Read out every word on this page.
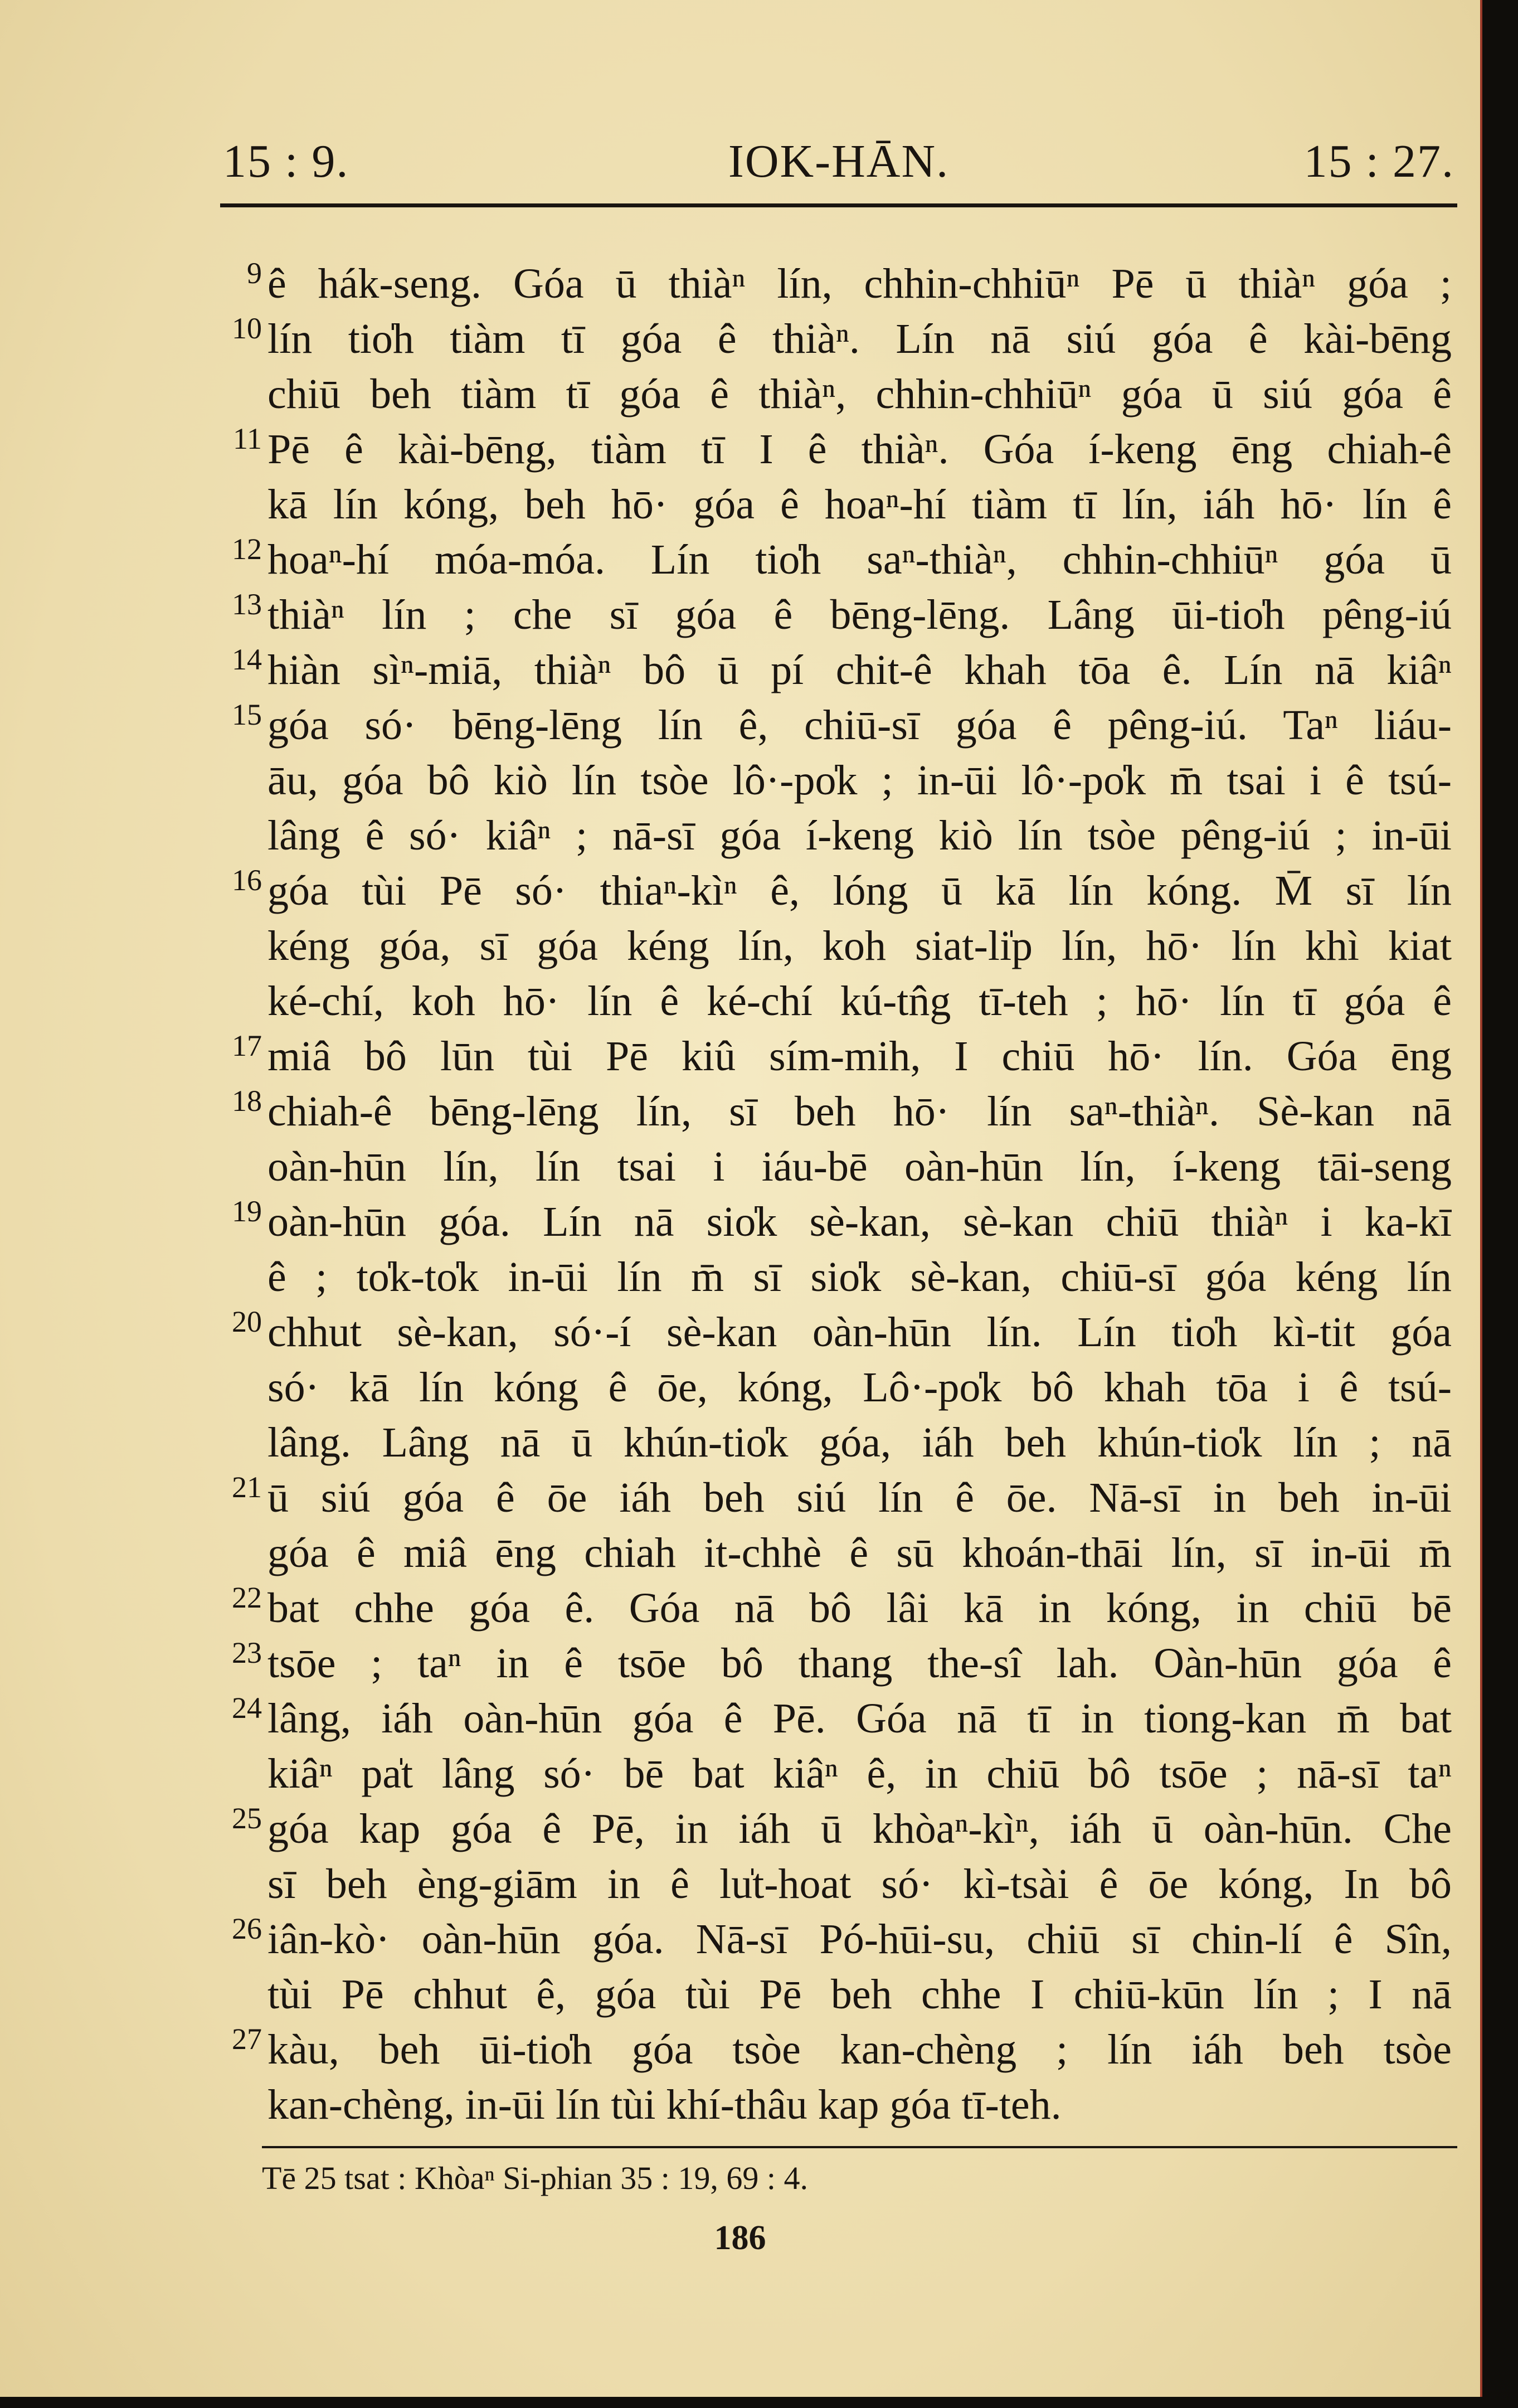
15 : 9.	IOK-HĀN.	15 : 27.
9 ê hák-seng. Góa ū thiàⁿ lín, chhin-chhiūⁿ Pē ū thiàⁿ góa ;
10 lín tio̍h tiàm tī góa ê thiàⁿ. Lín nā siú góa ê kài-bēng
chiū beh tiàm tī góa ê thiàⁿ, chhin-chhiūⁿ góa ū siú góa ê
11 Pē ê kài-bēng, tiàm tī I ê thiàⁿ. Góa í-keng ēng chiah-ê
kā lín kóng, beh hō· góa ê hoaⁿ-hí tiàm tī lín, iáh hō· lín ê
12 hoaⁿ-hí móa-móa. Lín tio̍h saⁿ-thiàⁿ, chhin-chhiūⁿ góa ū
13 thiàⁿ lín ; che sī góa ê bēng-lēng. Lâng ūi-tio̍h pêng-iú
14 hiàn sìⁿ-miā, thiàⁿ bô ū pí chit-ê khah tōa ê. Lín nā kiâⁿ
15 góa só· bēng-lēng lín ê, chiū-sī góa ê pêng-iú. Taⁿ liáu-
āu, góa bô kiò lín tsòe lô·-po̍k ; in-ūi lô·-po̍k m̄ tsai i ê tsú-
lâng ê só· kiâⁿ ; nā-sī góa í-keng kiò lín tsòe pêng-iú ; in-ūi
16 góa tùi Pē só· thiaⁿ-kìⁿ ê, lóng ū kā lín kóng. M̄ sī lín
kéng góa, sī góa kéng lín, koh siat-li̍p lín, hō· lín khì kiat
ké-chí, koh hō· lín ê ké-chí kú-tn̂g tī-teh ; hō· lín tī góa ê
17 miâ bô lūn tùi Pē kiû sím-mih, I chiū hō· lín. Góa ēng
18 chiah-ê bēng-lēng lín, sī beh hō· lín saⁿ-thiàⁿ. Sè-kan nā
oàn-hūn lín, lín tsai i iáu-bē oàn-hūn lín, í-keng tāi-seng
19 oàn-hūn góa. Lín nā sio̍k sè-kan, sè-kan chiū thiàⁿ i ka-kī
ê ; to̍k-to̍k in-ūi lín m̄ sī sio̍k sè-kan, chiū-sī góa kéng lín
20 chhut sè-kan, só·-í sè-kan oàn-hūn lín. Lín tio̍h kì-tit góa
só· kā lín kóng ê ōe, kóng, Lô·-po̍k bô khah tōa i ê tsú-
lâng. Lâng nā ū khún-tio̍k góa, iáh beh khún-tio̍k lín ; nā
21 ū siú góa ê ōe iáh beh siú lín ê ōe. Nā-sī in beh in-ūi
góa ê miâ ēng chiah it-chhè ê sū khoán-thāi lín, sī in-ūi m̄
22 bat chhe góa ê. Góa nā bô lâi kā in kóng, in chiū bē
23 tsōe ; taⁿ in ê tsōe bô thang the-sî lah. Oàn-hūn góa ê
24 lâng, iáh oàn-hūn góa ê Pē. Góa nā tī in tiong-kan m̄ bat
kiâⁿ pa̍t lâng só· bē bat kiâⁿ ê, in chiū bô tsōe ; nā-sī taⁿ
25 góa kap góa ê Pē, in iáh ū khòaⁿ-kìⁿ, iáh ū oàn-hūn. Che
sī beh èng-giām in ê lu̍t-hoat só· kì-tsài ê ōe kóng, In bô
26 iân-kò· oàn-hūn góa. Nā-sī Pó-hūi-su, chiū sī chin-lí ê Sîn,
tùi Pē chhut ê, góa tùi Pē beh chhe I chiū-kūn lín ; I nā
27 kàu, beh ūi-tio̍h góa tsòe kan-chèng ; lín iáh beh tsòe
kan-chèng, in-ūi lín tùi khí-thâu kap góa tī-teh.
Tē 25 tsat : Khòaⁿ Si-phian 35 : 19, 69 : 4.
186
